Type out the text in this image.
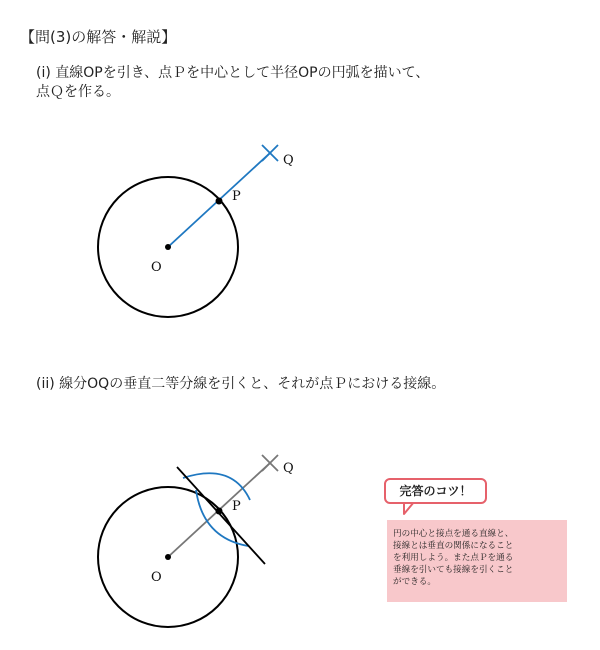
【問(3)の解答・解説】
(i) 直線OPを引き、点Ｐを中心として半径OPの円弧を描いて、
点Ｑを作る。
(ii) 線分OQの垂直二等分線を引くと、それが点Ｐにおける接線。
O
P
Q
O
P
Q
完答のコツ！
円の中心と接点を通る直線と、
接線とは垂直の関係になること
を利用しよう。また点Ｐを通る
垂線を引いても接線を引くこと
ができる。
